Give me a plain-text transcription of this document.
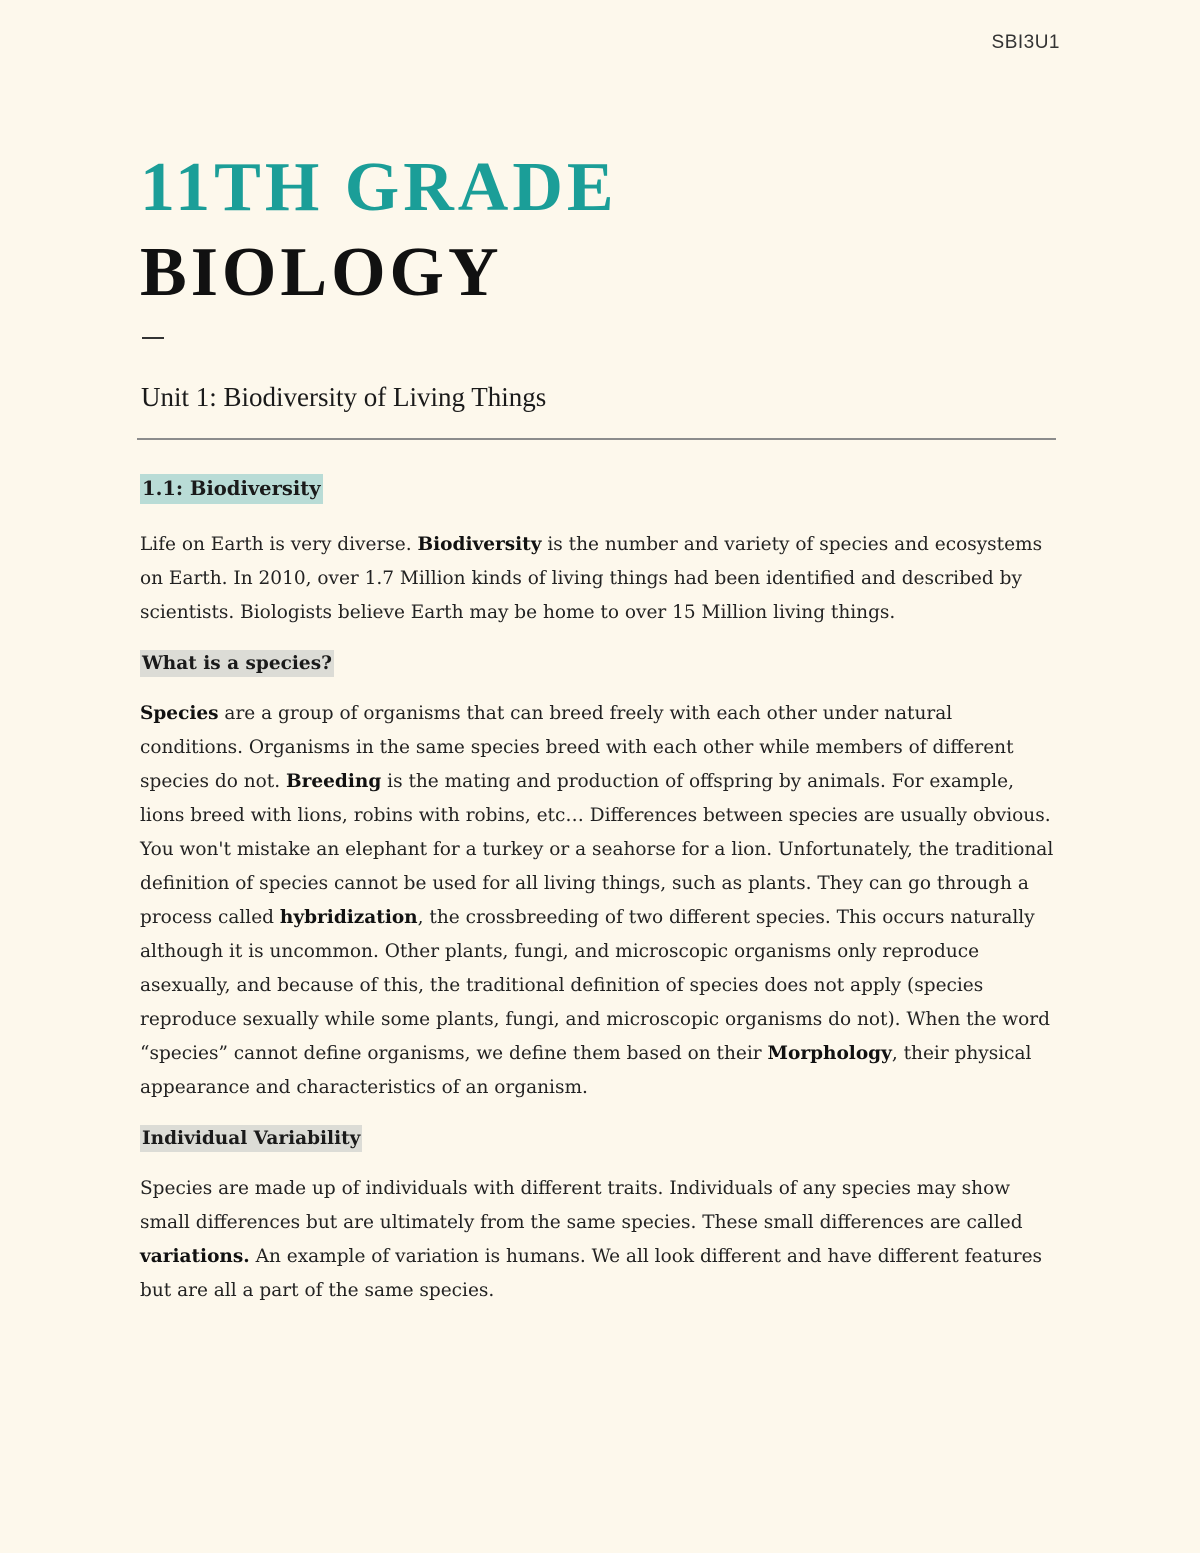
SBI3U1
11TH GRADE
BIOLOGY
Unit 1: Biodiversity of Living Things
1.1: Biodiversity

Life on Earth is very diverse. Biodiversity is the number and variety of species and ecosystems on Earth. In 2010, over 1.7 Million kinds of living things had been identified and described by scientists. Biologists believe Earth may be home to over 15 Million living things.

What is a species?

Species are a group of organisms that can breed freely with each other under natural conditions. Organisms in the same species breed with each other while members of different species do not. Breeding is the mating and production of offspring by animals. For example, lions breed with lions, robins with robins, etc… Differences between species are usually obvious. You won't mistake an elephant for a turkey or a seahorse for a lion. Unfortunately, the traditional definition of species cannot be used for all living things, such as plants. They can go through a process called hybridization, the crossbreeding of two different species. This occurs naturally although it is uncommon. Other plants, fungi, and microscopic organisms only reproduce asexually, and because of this, the traditional definition of species does not apply (species reproduce sexually while some plants, fungi, and microscopic organisms do not). When the word “species” cannot define organisms, we define them based on their Morphology, their physical appearance and characteristics of an organism.

Individual Variability

Species are made up of individuals with different traits. Individuals of any species may show small differences but are ultimately from the same species. These small differences are called variations. An example of variation is humans. We all look different and have different features but are all a part of the same species.
